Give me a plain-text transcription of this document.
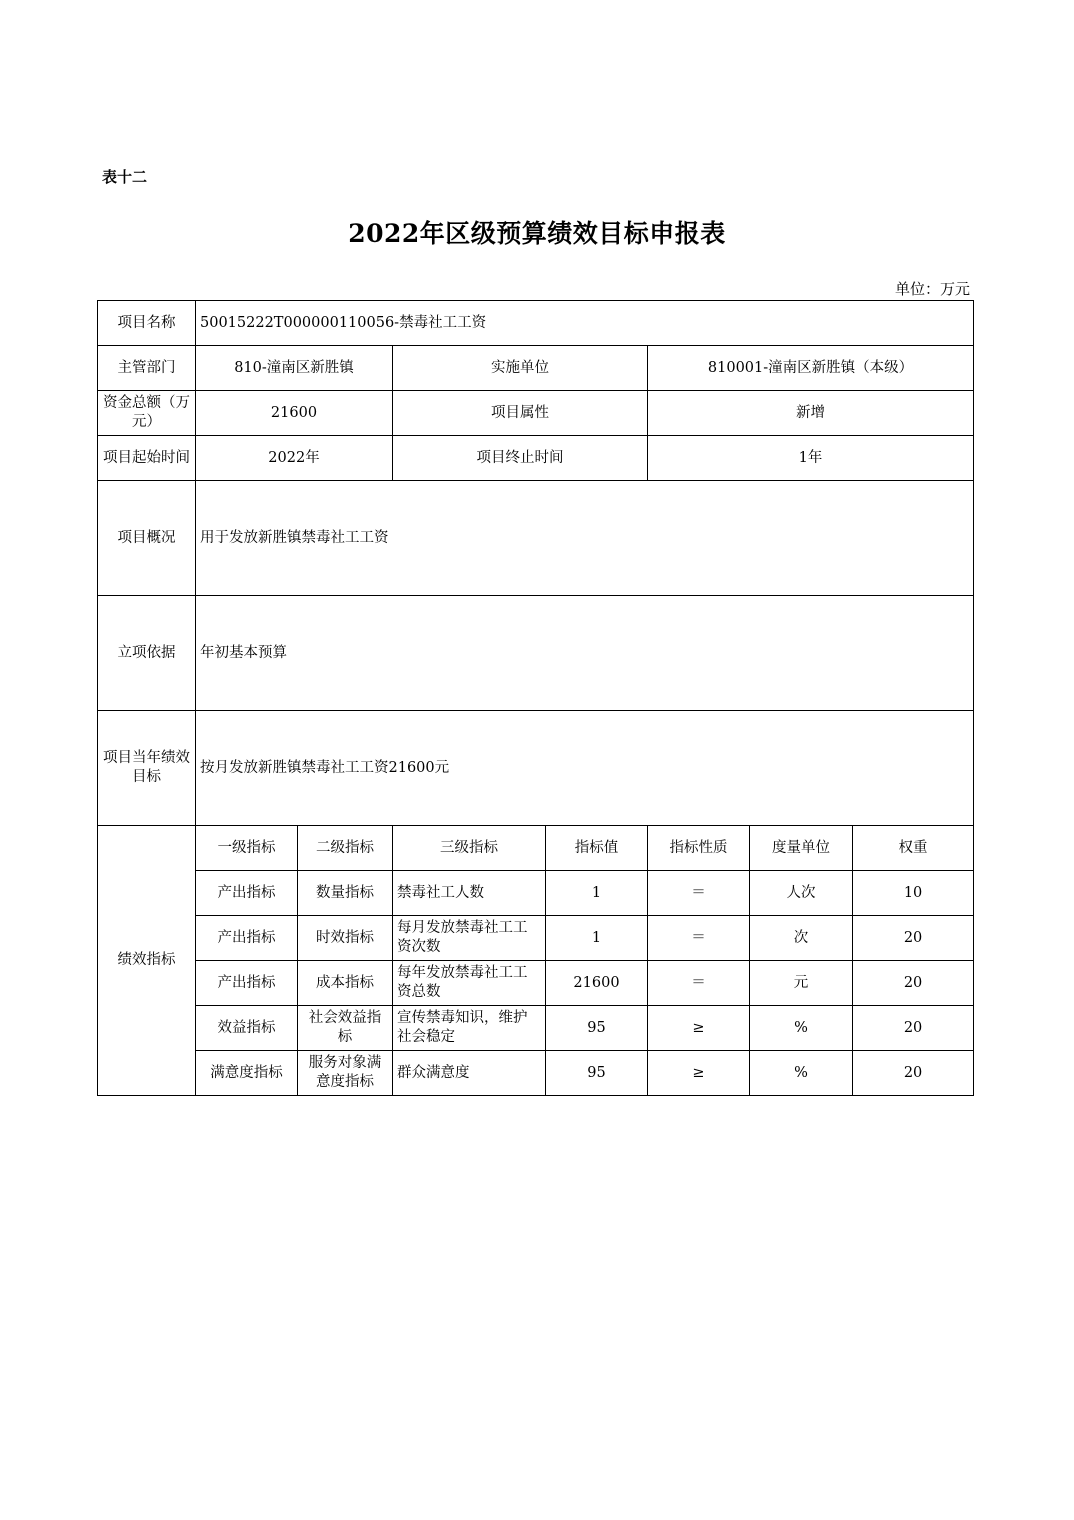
表十二
2022年区级预算绩效目标申报表
单位：万元
项目名称	50015222T000000110056-禁毒社工工资						
主管部门	810-潼南区新胜镇		实施单位		810001-潼南区新胜镇（本级）		
资金总额（万元）	21600		项目属性		新增		
项目起始时间	2022年		项目终止时间		1年		
项目概况	用于发放新胜镇禁毒社工工资						
立项依据	年初基本预算						
项目当年绩效目标	按月发放新胜镇禁毒社工工资21600元						
绩效指标	一级指标	二级指标	三级指标	指标值	指标性质	度量单位	权重
	产出指标	数量指标	禁毒社工人数	1	＝	人次	10
	产出指标	时效指标	每月发放禁毒社工工资次数	1	＝	次	20
	产出指标	成本指标	每年发放禁毒社工工资总数	21600	＝	元	20
	效益指标	社会效益指标	宣传禁毒知识，维护社会稳定	95	≥	%	20
	满意度指标	服务对象满意度指标	群众满意度	95	≥	%	20
